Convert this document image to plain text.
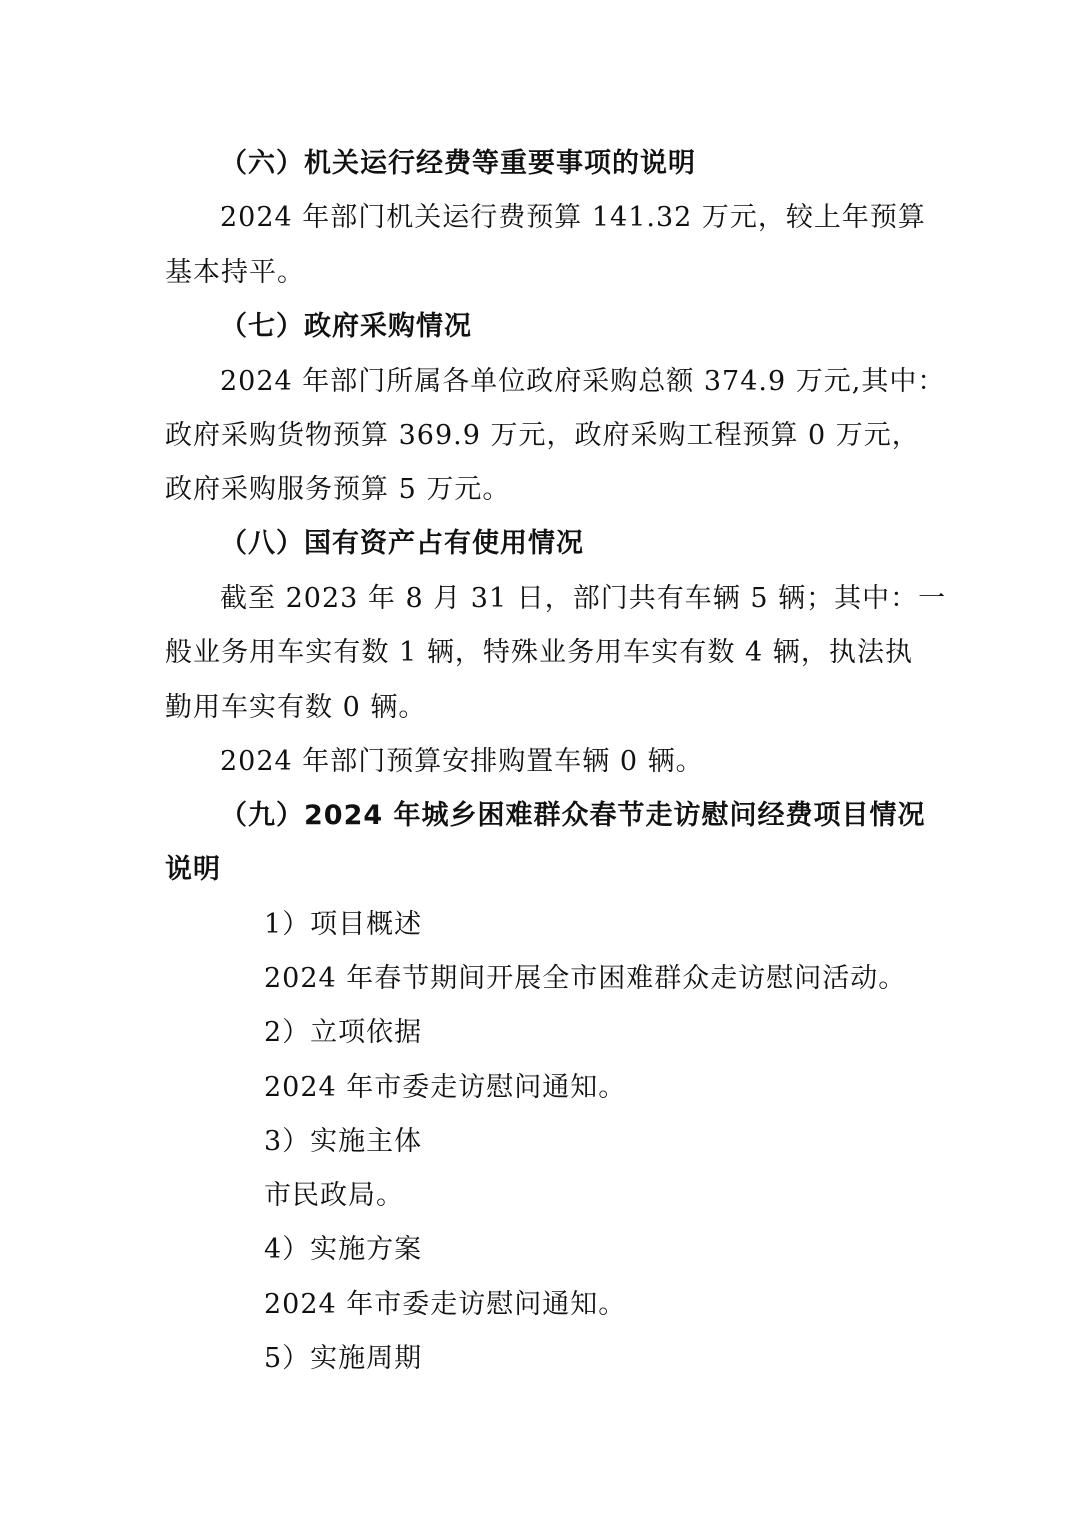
（六）机关运行经费等重要事项的说明
2024 年部门机关运行费预算 141.32 万元，较上年预算
基本持平。
（七）政府采购情况
2024 年部门所属各单位政府采购总额 374.9 万元,其中：
政府采购货物预算 369.9 万元，政府采购工程预算 0 万元，
政府采购服务预算 5 万元。
（八）国有资产占有使用情况
截至 2023 年 8 月 31 日，部门共有车辆 5 辆；其中：一
般业务用车实有数 1 辆，特殊业务用车实有数 4 辆，执法执
勤用车实有数 0 辆。
2024 年部门预算安排购置车辆 0 辆。
（九）2024 年城乡困难群众春节走访慰问经费项目情况
说明
1）项目概述
2024 年春节期间开展全市困难群众走访慰问活动。
2）立项依据
2024 年市委走访慰问通知。
3）实施主体
市民政局。
4）实施方案
2024 年市委走访慰问通知。
5）实施周期
